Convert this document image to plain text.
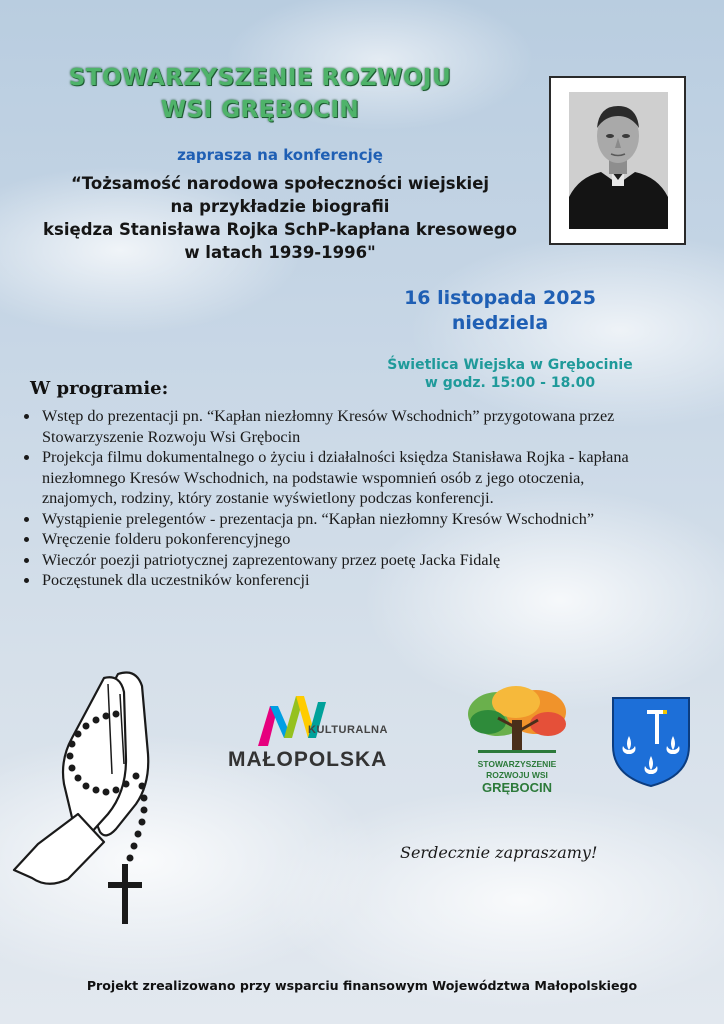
STOWARZYSZENIE ROZWOJU
WSI GRĘBOCIN
zaprasza na konferencję
“Tożsamość narodowa społeczności wiejskiej
na przykładzie biografii
księdza Stanisława Rojka SchP-kapłana kresowego
w latach 1939-1996"
16 listopada 2025
niedziela
Świetlica Wiejska w Grębocinie
w godz. 15:00 - 18.00
W programie:
• Wstęp do prezentacji pn. “Kapłan niezłomny Kresów Wschodnich” przygotowana przez Stowarzyszenie Rozwoju Wsi Grębocin
• Projekcja filmu dokumentalnego o życiu i działalności księdza Stanisława Rojka - kapłana niezłomnego Kresów Wschodnich, na podstawie wspomnień osób z jego otoczenia, znajomych, rodziny, który zostanie wyświetlony podczas konferencji.
• Wystąpienie prelegentów - prezentacja pn. “Kapłan niezłomny Kresów Wschodnich”
• Wręczenie folderu pokonferencyjnego
• Wieczór poezji patriotycznej zaprezentowany przez poetę Jacka Fidalę
• Poczęstunek dla uczestników konferencji
KULTURALNA
MAŁOPOLSKA	STOWARZYSZENIE
ROZWOJU WSI
GRĘBOCIN
Serdecznie zapraszamy!
Projekt zrealizowano przy wsparciu finansowym Województwa Małopolskiego
